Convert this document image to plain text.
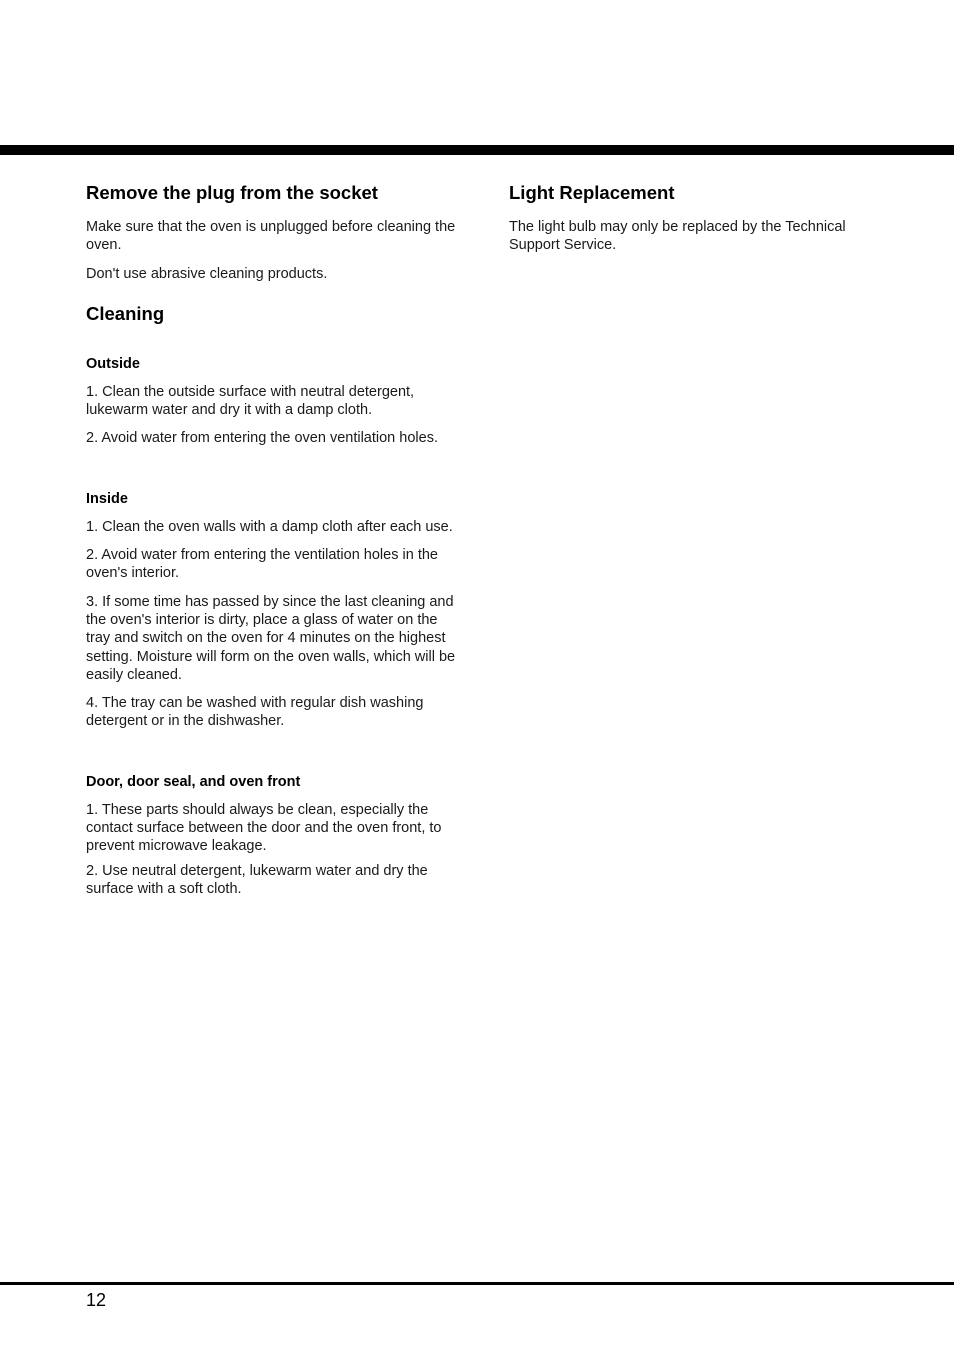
Remove the plug from the socket

Make sure that the oven is unplugged before cleaning the oven.

Don't use abrasive cleaning products.

Cleaning
Outside

1. Clean the outside surface with neutral detergent, lukewarm water and dry it with a damp cloth.

2. Avoid water from entering the oven ventilation holes.

Inside

1. Clean the oven walls with a damp cloth after each use.

2. Avoid water from entering the ventilation holes in the oven's interior.

3. If some time has passed by since the last cleaning and the oven's interior is dirty, place a glass of water on the tray and switch on the oven for 4 minutes on the highest setting. Moisture will form on the oven walls, which will be easily cleaned.

4. The tray can be washed with regular dish washing detergent or in the dishwasher.

Door, door seal, and oven front

1. These parts should always be clean, especially the contact surface between the door and the oven front, to prevent microwave leakage.

2. Use neutral detergent, lukewarm water and dry the surface with a soft cloth.

Light Replacement

The light bulb may only be replaced by the Technical Support Service.

12
